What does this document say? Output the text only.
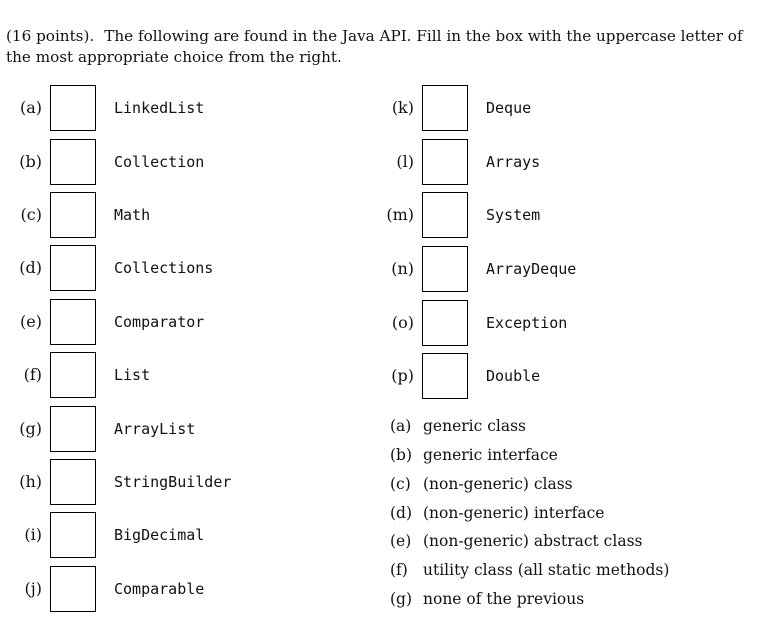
(16 points). The following are found in the Java API. Fill in the box with the uppercase letter of the most appropriate choice from the right.
(a)	LinkedList
(b)	Collection
(c)	Math
(d)	Collections
(e)	Comparator
(f)	List
(g)	ArrayList
(h)	StringBuilder
(i)	BigDecimal
(j)	Comparable
(k)	Deque
(l)	Arrays
(m)	System
(n)	ArrayDeque
(o)	Exception
(p)	Double
(a) generic class
(b) generic interface
(c) (non-generic) class
(d) (non-generic) interface
(e) (non-generic) abstract class
(f) utility class (all static methods)
(g) none of the previous
